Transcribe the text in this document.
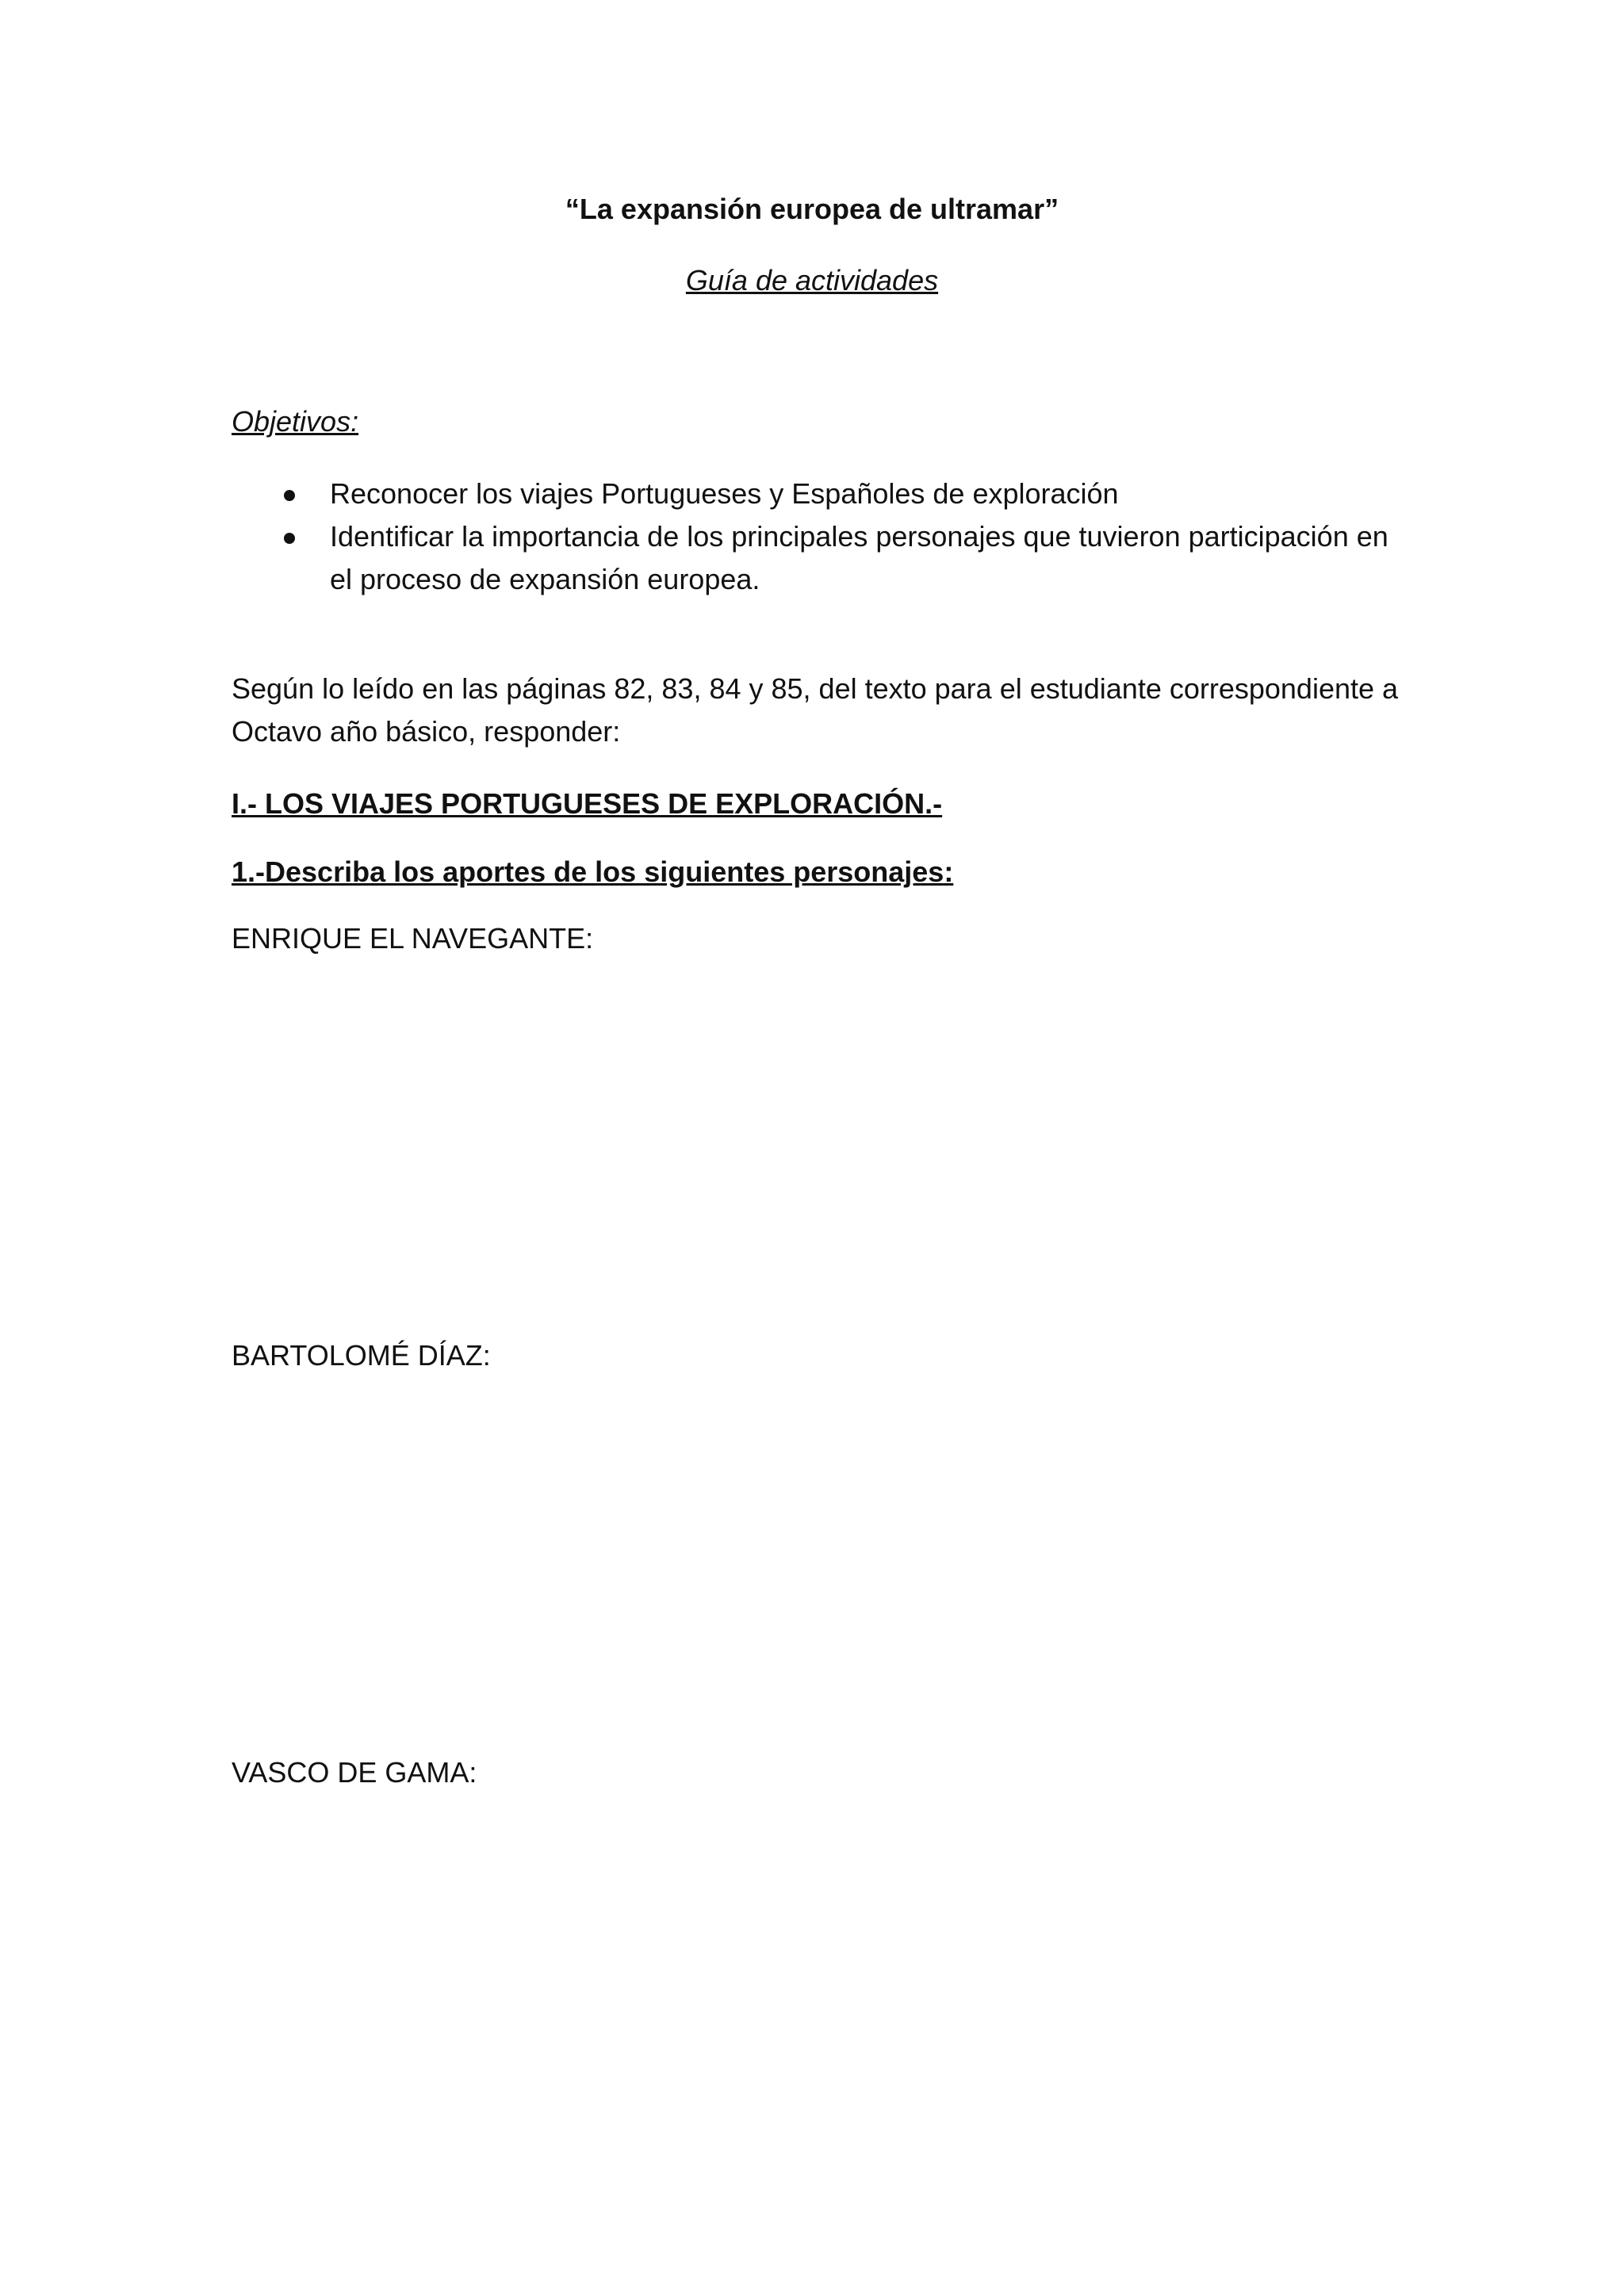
“La expansión europea de ultramar”
Guía de actividades
Objetivos:
Reconocer los viajes Portugueses y Españoles de exploración
Identificar la importancia de los principales personajes que tuvieron participación en el proceso de expansión europea.

Según lo leído en las páginas 82, 83, 84 y 85, del texto para el estudiante correspondiente a Octavo año básico, responder:

I.- LOS VIAJES PORTUGUESES DE EXPLORACIÓN.-
1.-Describa los aportes de los siguientes personajes:
ENRIQUE EL NAVEGANTE:
BARTOLOMÉ DÍAZ:
VASCO DE GAMA:
